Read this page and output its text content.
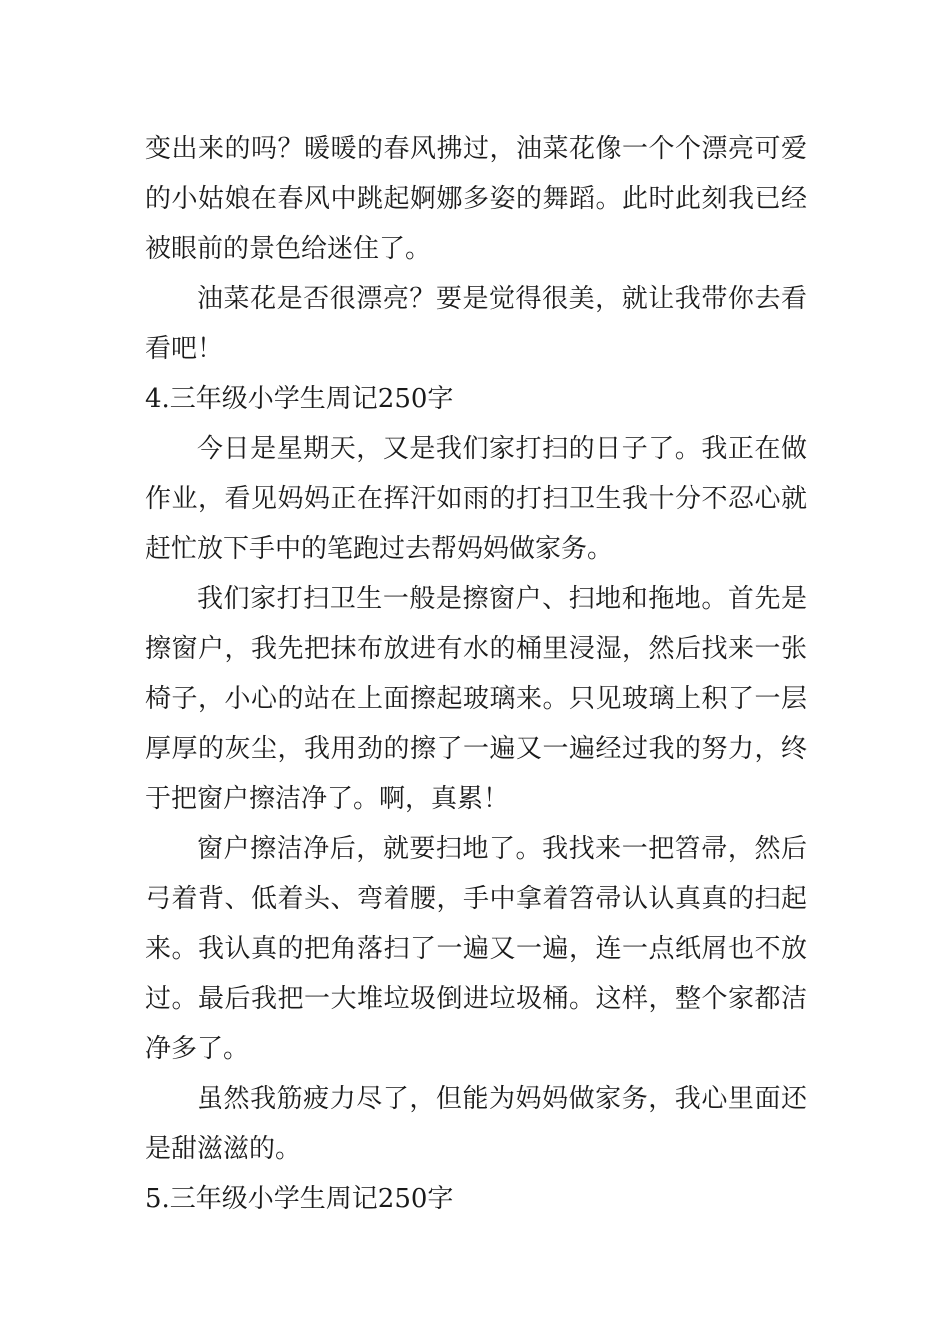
变出来的吗？暖暖的春风拂过，油菜花像一个个漂亮可爱的小姑娘在春风中跳起婀娜多姿的舞蹈。此时此刻我已经被眼前的景色给迷住了。

油菜花是否很漂亮？要是觉得很美，就让我带你去看看吧！

4.三年级小学生周记250字

今日是星期天，又是我们家打扫的日子了。我正在做作业，看见妈妈正在挥汗如雨的打扫卫生我十分不忍心就赶忙放下手中的笔跑过去帮妈妈做家务。

我们家打扫卫生一般是擦窗户、扫地和拖地。首先是擦窗户，我先把抹布放进有水的桶里浸湿，然后找来一张椅子，小心的站在上面擦起玻璃来。只见玻璃上积了一层厚厚的灰尘，我用劲的擦了一遍又一遍经过我的努力，终于把窗户擦洁净了。啊，真累！

窗户擦洁净后，就要扫地了。我找来一把笤帚，然后弓着背、低着头、弯着腰，手中拿着笤帚认认真真的扫起来。我认真的把角落扫了一遍又一遍，连一点纸屑也不放过。最后我把一大堆垃圾倒进垃圾桶。这样，整个家都洁净多了。

虽然我筋疲力尽了，但能为妈妈做家务，我心里面还是甜滋滋的。

5.三年级小学生周记250字
